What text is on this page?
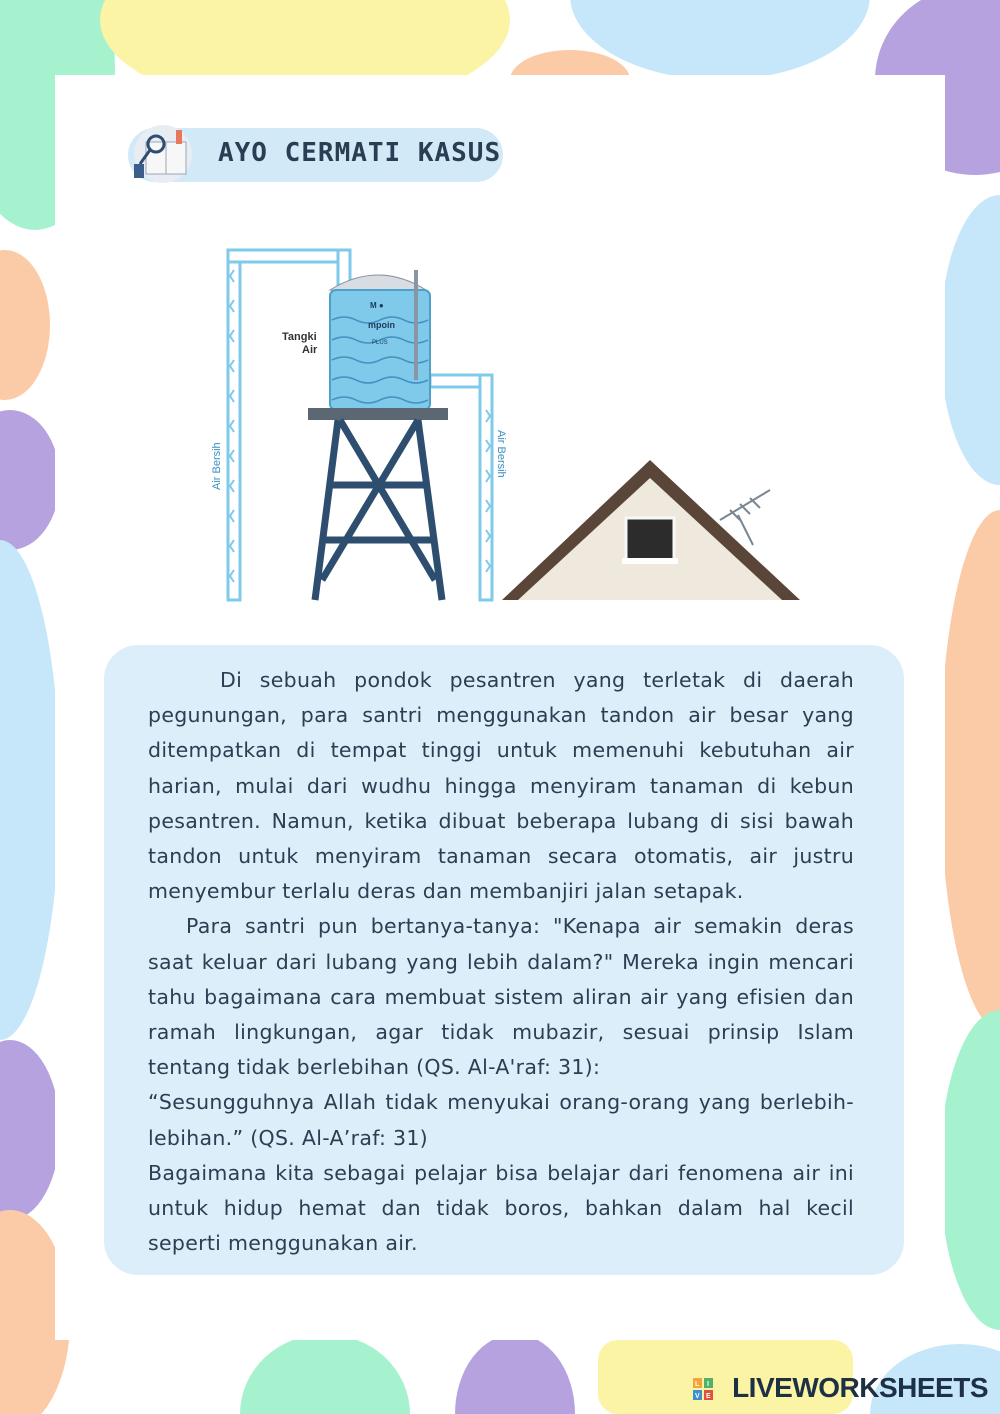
AYO CERMATI KASUS
Air Bersih	Air Bersih
M ●
mpoin
PLUS
Tangki Air

Di sebuah pondok pesantren yang terletak di daerah pegunungan, para santri menggunakan tandon air besar yang ditempatkan di tempat tinggi untuk memenuhi kebutuhan air harian, mulai dari wudhu hingga menyiram tanaman di kebun pesantren. Namun, ketika dibuat beberapa lubang di sisi bawah tandon untuk menyiram tanaman secara otomatis, air justru menyembur terlalu deras dan membanjiri jalan setapak.

Para santri pun bertanya-tanya: "Kenapa air semakin deras saat keluar dari lubang yang lebih dalam?" Mereka ingin mencari tahu bagaimana cara membuat sistem aliran air yang efisien dan ramah lingkungan, agar tidak mubazir, sesuai prinsip Islam tentang tidak berlebihan (QS. Al-A'raf: 31):

“Sesungguhnya Allah tidak menyukai orang-orang yang berlebih-lebihan.” (QS. Al-A’raf: 31)

Bagaimana kita sebagai pelajar bisa belajar dari fenomena air ini untuk hidup hemat dan tidak boros, bahkan dalam hal kecil seperti menggunakan air.

L I
V E LIVEWORKSHEETS
